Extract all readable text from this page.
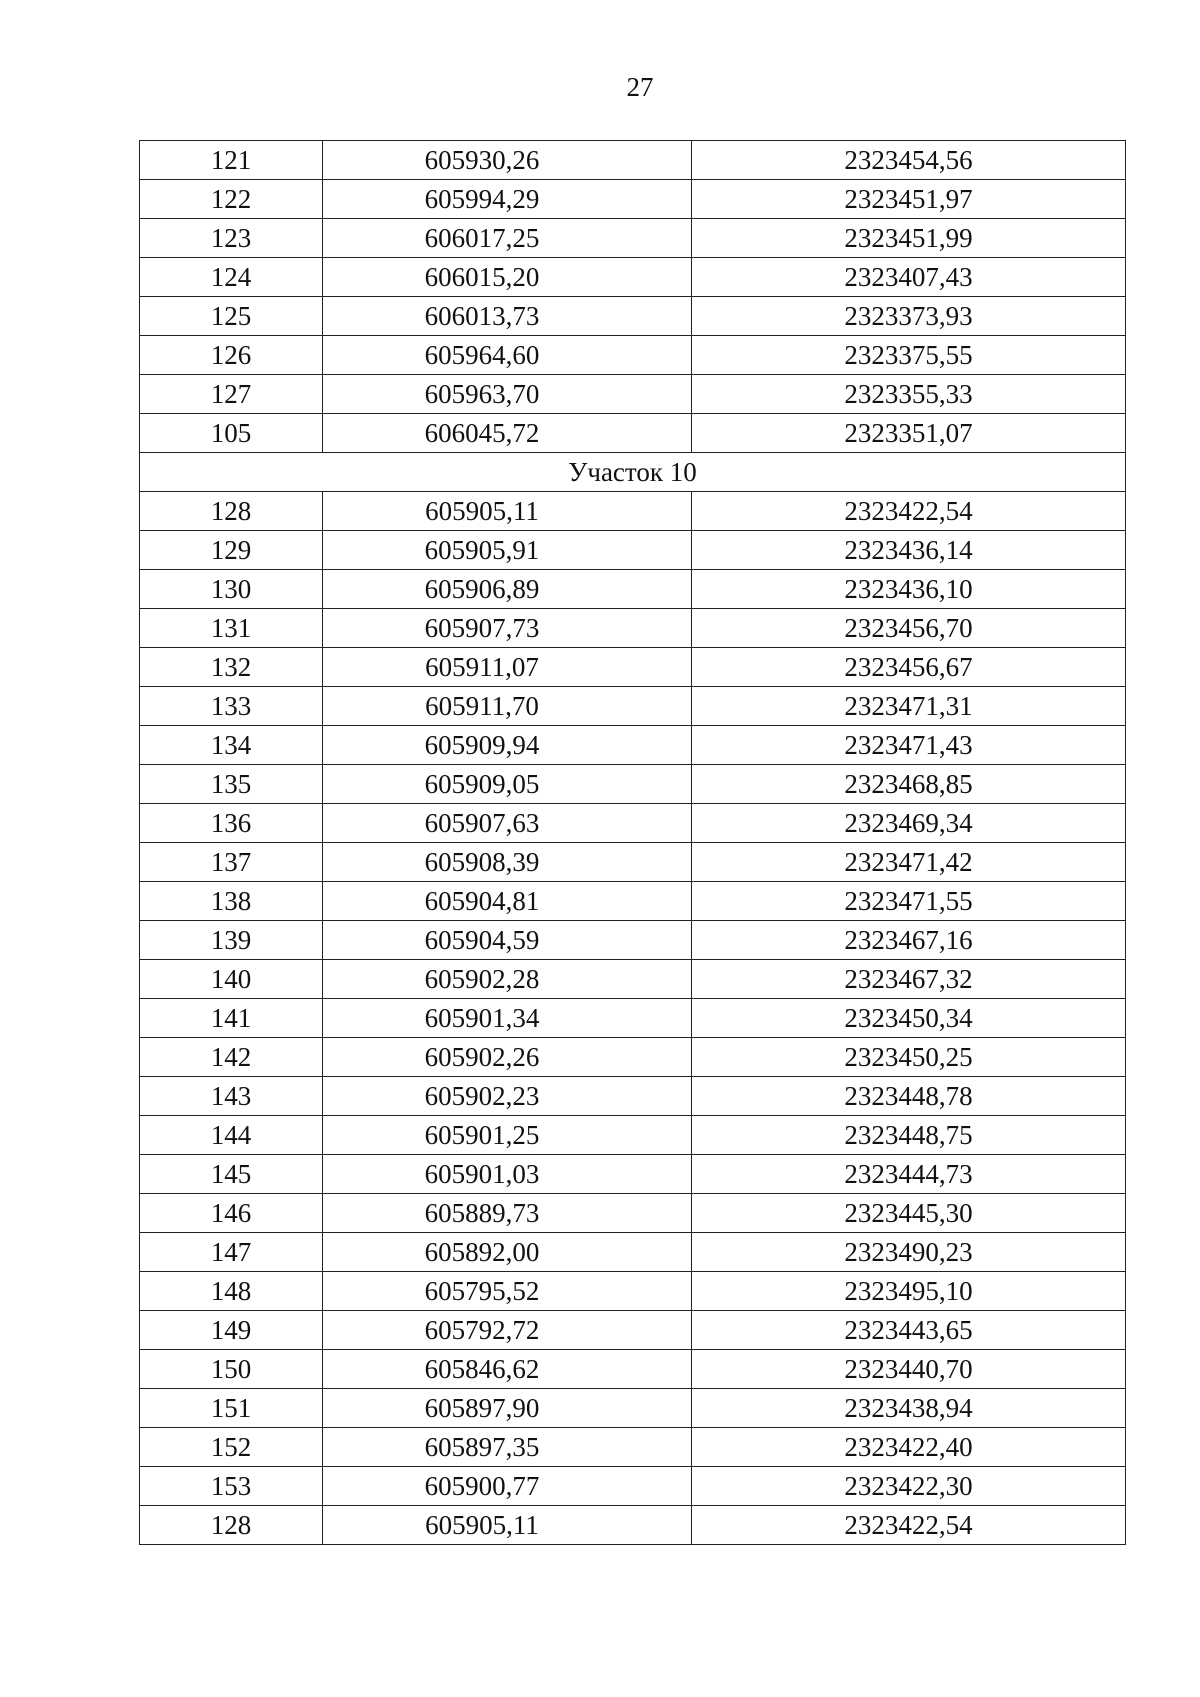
27
121	605930,26	2323454,56
122	605994,29	2323451,97
123	606017,25	2323451,99
124	606015,20	2323407,43
125	606013,73	2323373,93
126	605964,60	2323375,55
127	605963,70	2323355,33
105	606045,72	2323351,07
Участок 10		
128	605905,11	2323422,54
129	605905,91	2323436,14
130	605906,89	2323436,10
131	605907,73	2323456,70
132	605911,07	2323456,67
133	605911,70	2323471,31
134	605909,94	2323471,43
135	605909,05	2323468,85
136	605907,63	2323469,34
137	605908,39	2323471,42
138	605904,81	2323471,55
139	605904,59	2323467,16
140	605902,28	2323467,32
141	605901,34	2323450,34
142	605902,26	2323450,25
143	605902,23	2323448,78
144	605901,25	2323448,75
145	605901,03	2323444,73
146	605889,73	2323445,30
147	605892,00	2323490,23
148	605795,52	2323495,10
149	605792,72	2323443,65
150	605846,62	2323440,70
151	605897,90	2323438,94
152	605897,35	2323422,40
153	605900,77	2323422,30
128	605905,11	2323422,54
